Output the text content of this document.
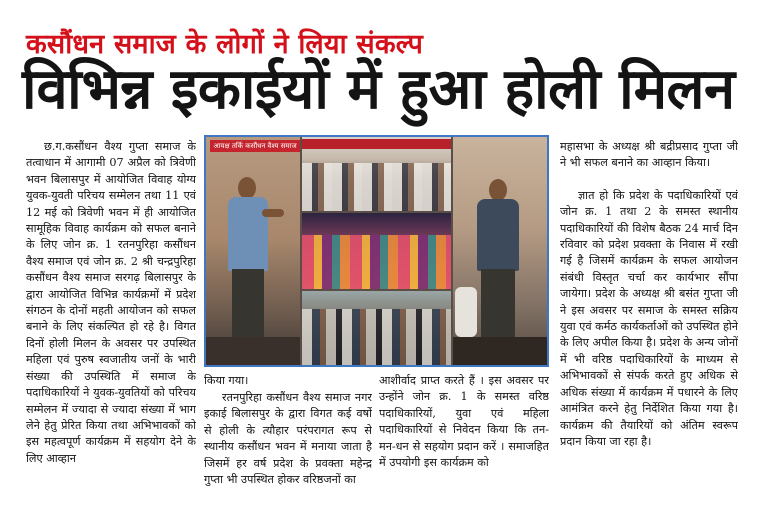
कसौंधन समाज के लोगों ने लिया संकल्प
विभिन्न इकाईयों में हुआ होली मिलन

छ.ग.कसौंधन वैश्य गुप्ता समाज के तत्वाधान में आगामी 07 अप्रैल को त्रिवेणी भवन बिलासपुर में आयोजित विवाह योग्य युवक-युवती परिचय सम्मेलन तथा 11 एवं 12 मई को त्रिवेणी भवन में ही आयोजित सामूहिक विवाह कार्यक्रम को सफल बनाने के लिए जोन क्र. 1 रतनपुरिहा कसौंधन वैश्य समाज एवं जोन क्र. 2 श्री चन्द्रपुरिहा कसौंधन वैश्य समाज सरगढ़ बिलासपुर के द्वारा आयोजित विभिन्न कार्यक्रमों में प्रदेश संगठन के दोनों महती आयोजन को सफल बनाने के लिए संकल्पित हो रहे है। विगत दिनों होली मिलन के अवसर पर उपस्थित महिला एवं पुरुष स्वजातीय जनों के भारी संख्या की उपस्थिति में समाज के पदाधिकारियों ने युवक-युवतियों को परिचय सम्मेलन में ज्यादा से ज्यादा संख्या में भाग लेने हेतु प्रेरित किया तथा अभिभावकों को इस महत्वपूर्ण कार्यक्रम में सहयोग देने के लिए आव्हान

आयक्ष तर्कि कसौंधन वैश्य समाज

किया गया।

रतनपुरिहा कसौंधन वैश्य समाज नगर इकाई बिलासपुर के द्वारा विगत कई वर्षो से होली के त्यौहार परंपरागत रूप से स्थानीय कसौंधन भवन में मनाया जाता है जिसमें हर वर्ष प्रदेश के प्रवक्ता महेन्द्र गुप्ता भी उपस्थित होकर वरिष्ठजनों का

आशीर्वाद प्राप्त करते हैं । इस अवसर पर उन्होंने जोन क्र. 1 के समस्त वरिष्ठ पदाधिकारियों, युवा एवं महिला पदाधिकारियों से निवेदन किया कि तन-मन-धन से सहयोग प्रदान करें । समाजहित में उपयोगी इस कार्यक्रम को

महासभा के अध्यक्ष श्री बद्रीप्रसाद गुप्ता जी ने भी सफल बनाने का आव्हान किया।

ज्ञात हो कि प्रदेश के पदाधिकारियों एवं जोन क्र. 1 तथा 2 के समस्त स्थानीय पदाधिकारियों की विशेष बैठक 24 मार्च दिन रविवार को प्रदेश प्रवक्ता के निवास में रखी गई है जिसमें कार्यक्रम के सफल आयोजन संबंधी विस्तृत चर्चा कर कार्यभार सौंपा जायेगा। प्रदेश के अध्यक्ष श्री बसंत गुप्ता जी ने इस अवसर पर समाज के समस्त सक्रिय युवा एवं कर्मठ कार्यकर्ताओं को उपस्थित होने के लिए अपील किया है। प्रदेश के अन्य जोनों में भी वरिष्ठ पदाधिकारियों के माध्यम से अभिभावकों से संपर्क करते हुए अधिक से अधिक संख्या में कार्यक्रम में पधारने के लिए आमंत्रित करने हेतु निर्देशित किया गया है। कार्यक्रम की तैयारियों को अंतिम स्वरूप प्रदान किया जा रहा है।
